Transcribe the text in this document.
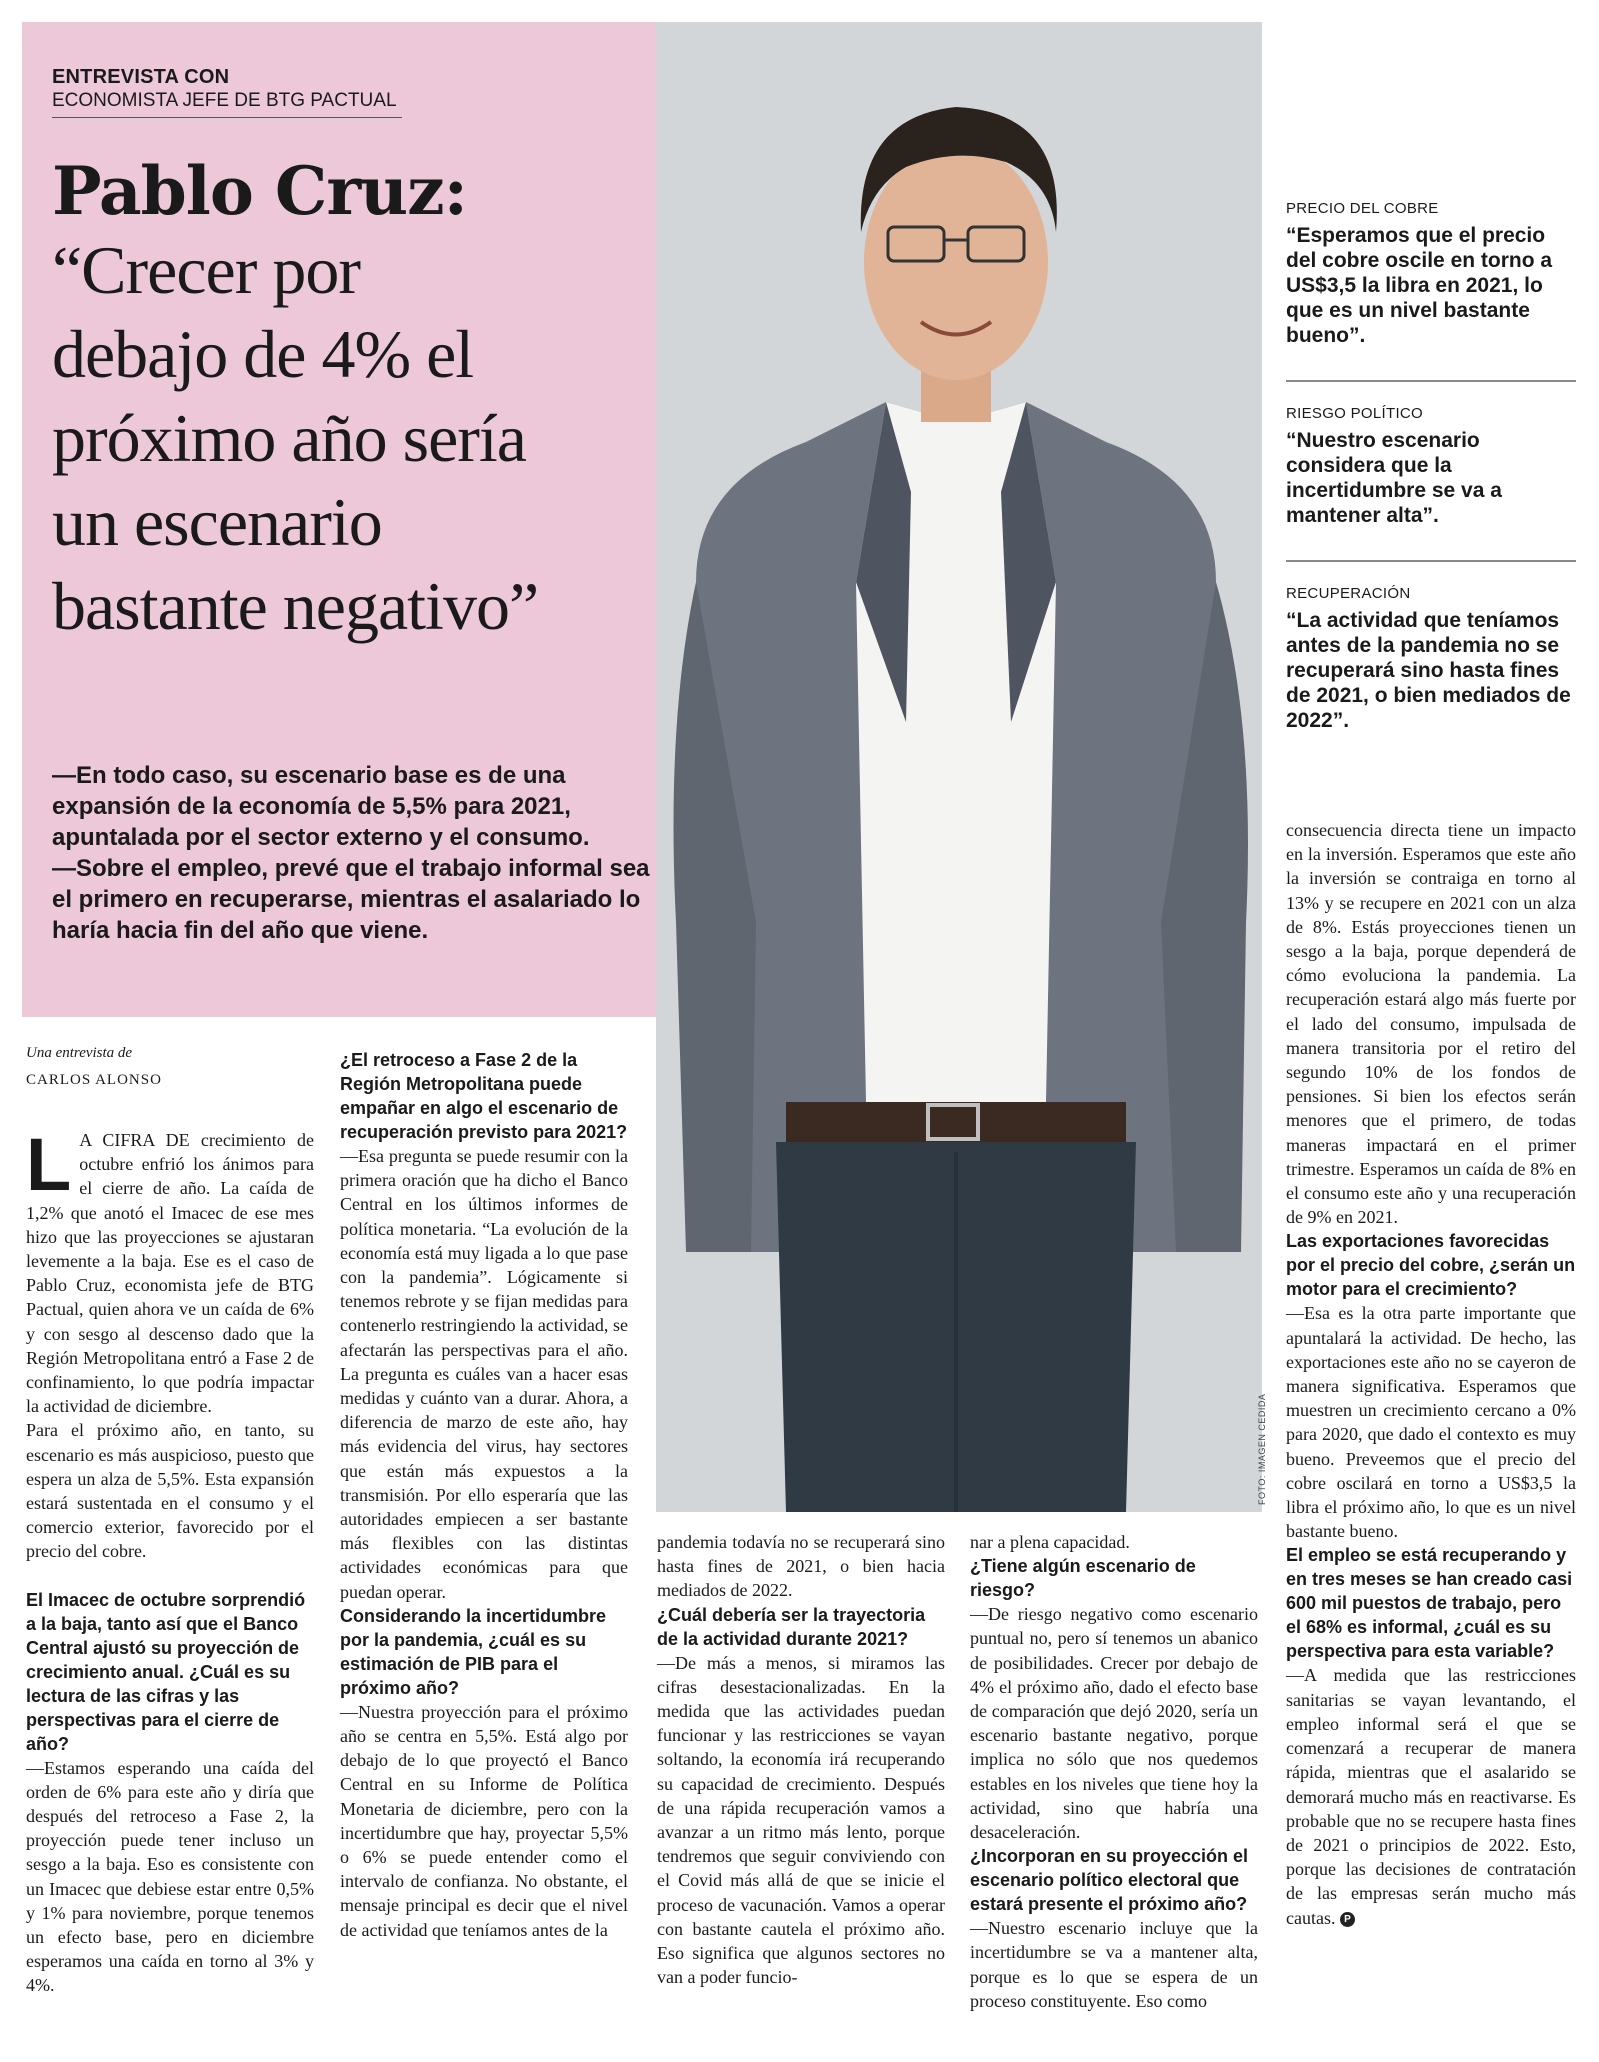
ENTREVISTA CON
ECONOMISTA JEFE DE BTG PACTUAL
Pablo Cruz:
“Crecer por
debajo de 4% el
próximo año sería
un escenario
bastante negativo”

—En todo caso, su escenario base es de una expansión de la economía de 5,5% para 2021, apuntalada por el sector externo y el consumo.

—Sobre el empleo, prevé que el trabajo informal sea el primero en recuperarse, mientras el asalariado lo haría hacia fin del año que viene.

PRECIO DEL COBRE
“Esperamos que el precio del cobre oscile en torno a US$3,5 la libra en 2021, lo que es un nivel bastante bueno”.
RIESGO POLÍTICO
“Nuestro escenario considera que la incertidumbre se va a mantener alta”.
RECUPERACIÓN
“La actividad que teníamos antes de la pandemia no se recuperará sino hasta fines de 2021, o bien mediados de 2022”.
FOTO: IMAGEN CEDIDA
Una entrevista de
CARLOS ALONSO

L A CIFRA DE crecimiento de octubre enfrió los ánimos para el cierre de año. La caída de 1,2% que anotó el Imacec de ese mes hizo que las proyecciones se ajustaran levemente a la baja. Ese es el caso de Pablo Cruz, economista jefe de BTG Pactual, quien ahora ve un caída de 6% y con sesgo al descenso dado que la Región Metropolitana entró a Fase 2 de confinamiento, lo que podría impactar la actividad de diciembre.

Para el próximo año, en tanto, su escenario es más auspicioso, puesto que espera un alza de 5,5%. Esta expansión estará sustentada en el consumo y el comercio exterior, favorecido por el precio del cobre.

El Imacec de octubre sorprendió a la baja, tanto así que el Banco Central ajustó su proyección de crecimiento anual. ¿Cuál es su lectura de las cifras y las perspectivas para el cierre de año?

—Estamos esperando una caída del orden de 6% para este año y diría que después del retroceso a Fase 2, la proyección puede tener incluso un sesgo a la baja. Eso es consistente con un Imacec que debiese estar entre 0,5% y 1% para noviembre, porque tenemos un efecto base, pero en diciembre esperamos una caída en torno al 3% y 4%.

¿El retroceso a Fase 2 de la Región Metropolitana puede empañar en algo el escenario de recuperación previsto para 2021?

—Esa pregunta se puede resumir con la primera oración que ha dicho el Banco Central en los últimos informes de política monetaria. “La evolución de la economía está muy ligada a lo que pase con la pandemia”. Lógicamente si tenemos rebrote y se fijan medidas para contenerlo restringiendo la actividad, se afectarán las perspectivas para el año. La pregunta es cuáles van a hacer esas medidas y cuánto van a durar. Ahora, a diferencia de marzo de este año, hay más evidencia del virus, hay sectores que están más expuestos a la transmisión. Por ello esperaría que las autoridades empiecen a ser bastante más flexibles con las distintas actividades económicas para que puedan operar.

Considerando la incertidumbre por la pandemia, ¿cuál es su estimación de PIB para el próximo año?

—Nuestra proyección para el próximo año se centra en 5,5%. Está algo por debajo de lo que proyectó el Banco Central en su Informe de Política Monetaria de diciembre, pero con la incertidumbre que hay, proyectar 5,5% o 6% se puede entender como el intervalo de confianza. No obstante, el mensaje principal es decir que el nivel de actividad que teníamos antes de la

pandemia todavía no se recuperará sino hasta fines de 2021, o bien hacia mediados de 2022.

¿Cuál debería ser la trayectoria de la actividad durante 2021?

—De más a menos, si miramos las cifras desestacionalizadas. En la medida que las actividades puedan funcionar y las restricciones se vayan soltando, la economía irá recuperando su capacidad de crecimiento. Después de una rápida recuperación vamos a avanzar a un ritmo más lento, porque tendremos que seguir conviviendo con el Covid más allá de que se inicie el proceso de vacunación. Vamos a operar con bastante cautela el próximo año. Eso significa que algunos sectores no van a poder funcio-

nar a plena capacidad.

¿Tiene algún escenario de riesgo?

—De riesgo negativo como escenario puntual no, pero sí tenemos un abanico de posibilidades. Crecer por debajo de 4% el próximo año, dado el efecto base de comparación que dejó 2020, sería un escenario bastante negativo, porque implica no sólo que nos quedemos estables en los niveles que tiene hoy la actividad, sino que habría una desaceleración.

¿Incorporan en su proyección el escenario político electoral que estará presente el próximo año?

—Nuestro escenario incluye que la incertidumbre se va a mantener alta, porque es lo que se espera de un proceso constituyente. Eso como

consecuencia directa tiene un impacto en la inversión. Esperamos que este año la inversión se contraiga en torno al 13% y se recupere en 2021 con un alza de 8%. Estás proyecciones tienen un sesgo a la baja, porque dependerá de cómo evoluciona la pandemia. La recuperación estará algo más fuerte por el lado del consumo, impulsada de manera transitoria por el retiro del segundo 10% de los fondos de pensiones. Si bien los efectos serán menores que el primero, de todas maneras impactará en el primer trimestre. Esperamos un caída de 8% en el consumo este año y una recuperación de 9% en 2021.

Las exportaciones favorecidas por el precio del cobre, ¿serán un motor para el crecimiento?

—Esa es la otra parte importante que apuntalará la actividad. De hecho, las exportaciones este año no se cayeron de manera significativa. Esperamos que muestren un crecimiento cercano a 0% para 2020, que dado el contexto es muy bueno. Preveemos que el precio del cobre oscilará en torno a US$3,5 la libra el próximo año, lo que es un nivel bastante bueno.

El empleo se está recuperando y en tres meses se han creado casi 600 mil puestos de trabajo, pero el 68% es informal, ¿cuál es su perspectiva para esta variable?

—A medida que las restricciones sanitarias se vayan levantando, el empleo informal será el que se comenzará a recuperar de manera rápida, mientras que el asalarido se demorará mucho más en reactivarse. Es probable que no se recupere hasta fines de 2021 o principios de 2022. Esto, porque las decisiones de contratación de las empresas serán mucho más cautas. P
